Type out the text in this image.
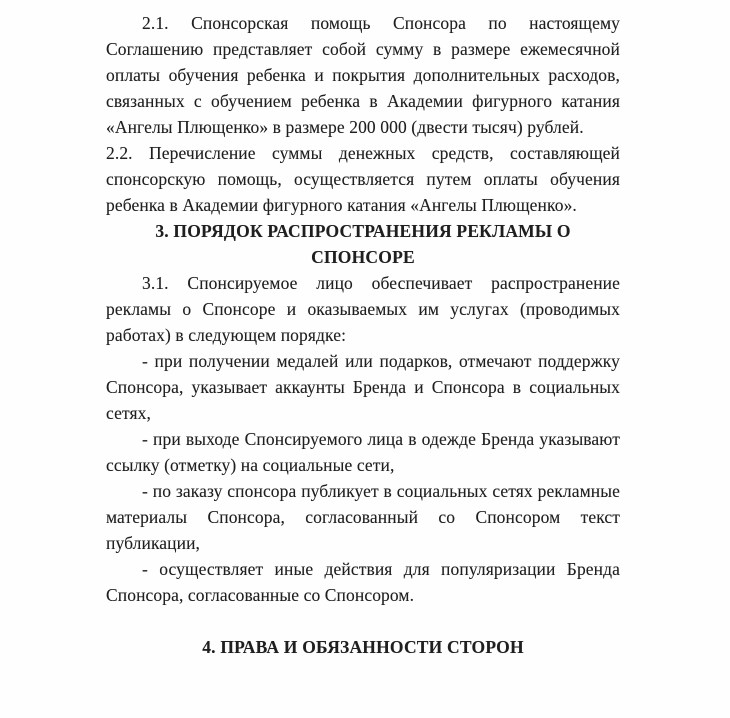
2.1. Спонсорская помощь Спонсора по настоящему Соглашению представляет собой сумму в размере ежемесячной оплаты обучения ребенка и покрытия дополнительных расходов, связанных с обучением ребенка в Академии фигурного катания «Ангелы Плющенко» в размере 200 000 (двести тысяч) рублей.

2.2. Перечисление суммы денежных средств, составляющей спонсорскую помощь, осуществляется путем оплаты обучения ребенка в Академии фигурного катания «Ангелы Плющенко».

3. ПОРЯДОК РАСПРОСТРАНЕНИЯ РЕКЛАМЫ О
СПОНСОРЕ

3.1. Спонсируемое лицо обеспечивает распространение рекламы о Спонсоре и оказываемых им услугах (проводимых работах) в следующем порядке:

- при получении медалей или подарков, отмечают поддержку Спонсора, указывает аккаунты Бренда и Спонсора в социальных сетях,

- при выходе Спонсируемого лица в одежде Бренда указывают ссылку (отметку) на социальные сети,

- по заказу спонсора публикует в социальных сетях рекламные материалы Спонсора, согласованный со Спонсором текст публикации,

- осуществляет иные действия для популяризации Бренда Спонсора, согласованные со Спонсором.

4. ПРАВА И ОБЯЗАННОСТИ СТОРОН
